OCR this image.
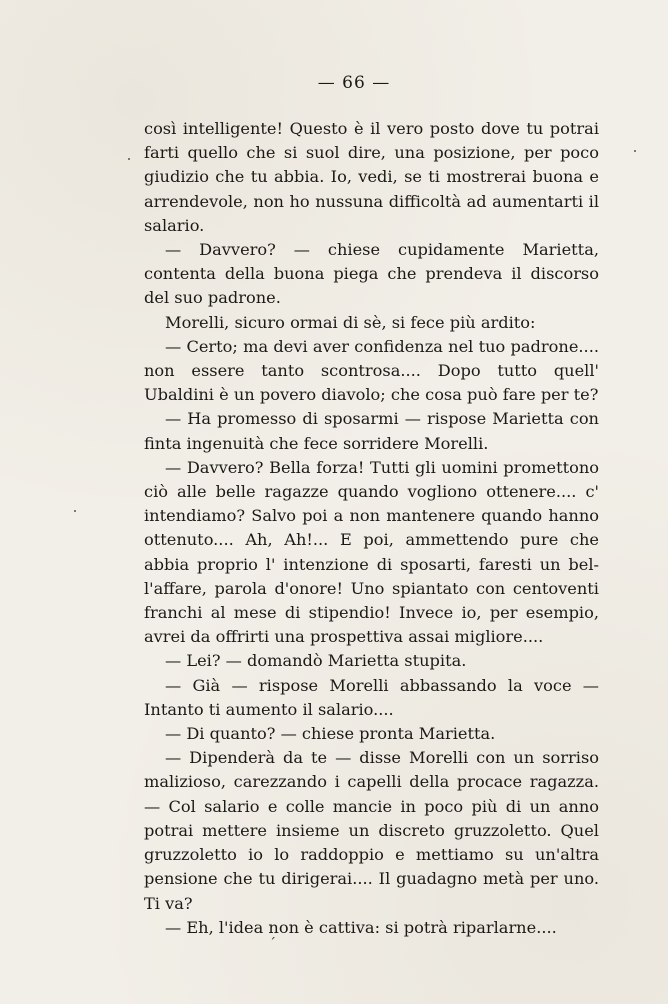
— 66 —

così intelligente! Questo è il vero posto dove tu potrai farti quello che si suol dire, una posizione, per poco giudizio che tu abbia. Io, vedi, se ti mostrerai buona e arrendevole, non ho nussuna difficoltà ad aumentarti il salario.

— Davvero? — chiese cupidamente Marietta, contenta della buona piega che prendeva il discorso del suo padrone.

Morelli, sicuro ormai di sè, si fece più ardito:

— Certo; ma devi aver confidenza nel tuo padrone.... non essere tanto scontrosa.... Dopo tutto quell' Ubaldini è un povero diavolo; che cosa può fare per te?

— Ha promesso di sposarmi — rispose Marietta con finta ingenuità che fece sorridere Morelli.

— Davvero? Bella forza! Tutti gli uomini promettono ciò alle belle ragazze quando vogliono ottenere.... c' intendiamo? Salvo poi a non mantenere quando hanno ottenuto.... Ah, Ah!... E poi, ammettendo pure che abbia proprio l' intenzione di sposarti, faresti un bel-l'affare, parola d'onore! Uno spiantato con centoventi franchi al mese di stipendio! Invece io, per esempio, avrei da offrirti una prospettiva assai migliore....

— Lei? — domandò Marietta stupita.

— Già — rispose Morelli abbassando la voce — Intanto ti aumento il salario....

— Di quanto? — chiese pronta Marietta.

— Dipenderà da te — disse Morelli con un sorriso malizioso, carezzando i capelli della procace ragazza. — Col salario e colle mancie in poco più di un anno potrai mettere insieme un discreto gruzzoletto. Quel gruzzoletto io lo raddoppio e mettiamo su un'altra pensione che tu dirigerai.... Il guadagno metà per uno. Ti va?

— Eh, l'idea non è cattiva: si potrà riparlarne....

ˊ
